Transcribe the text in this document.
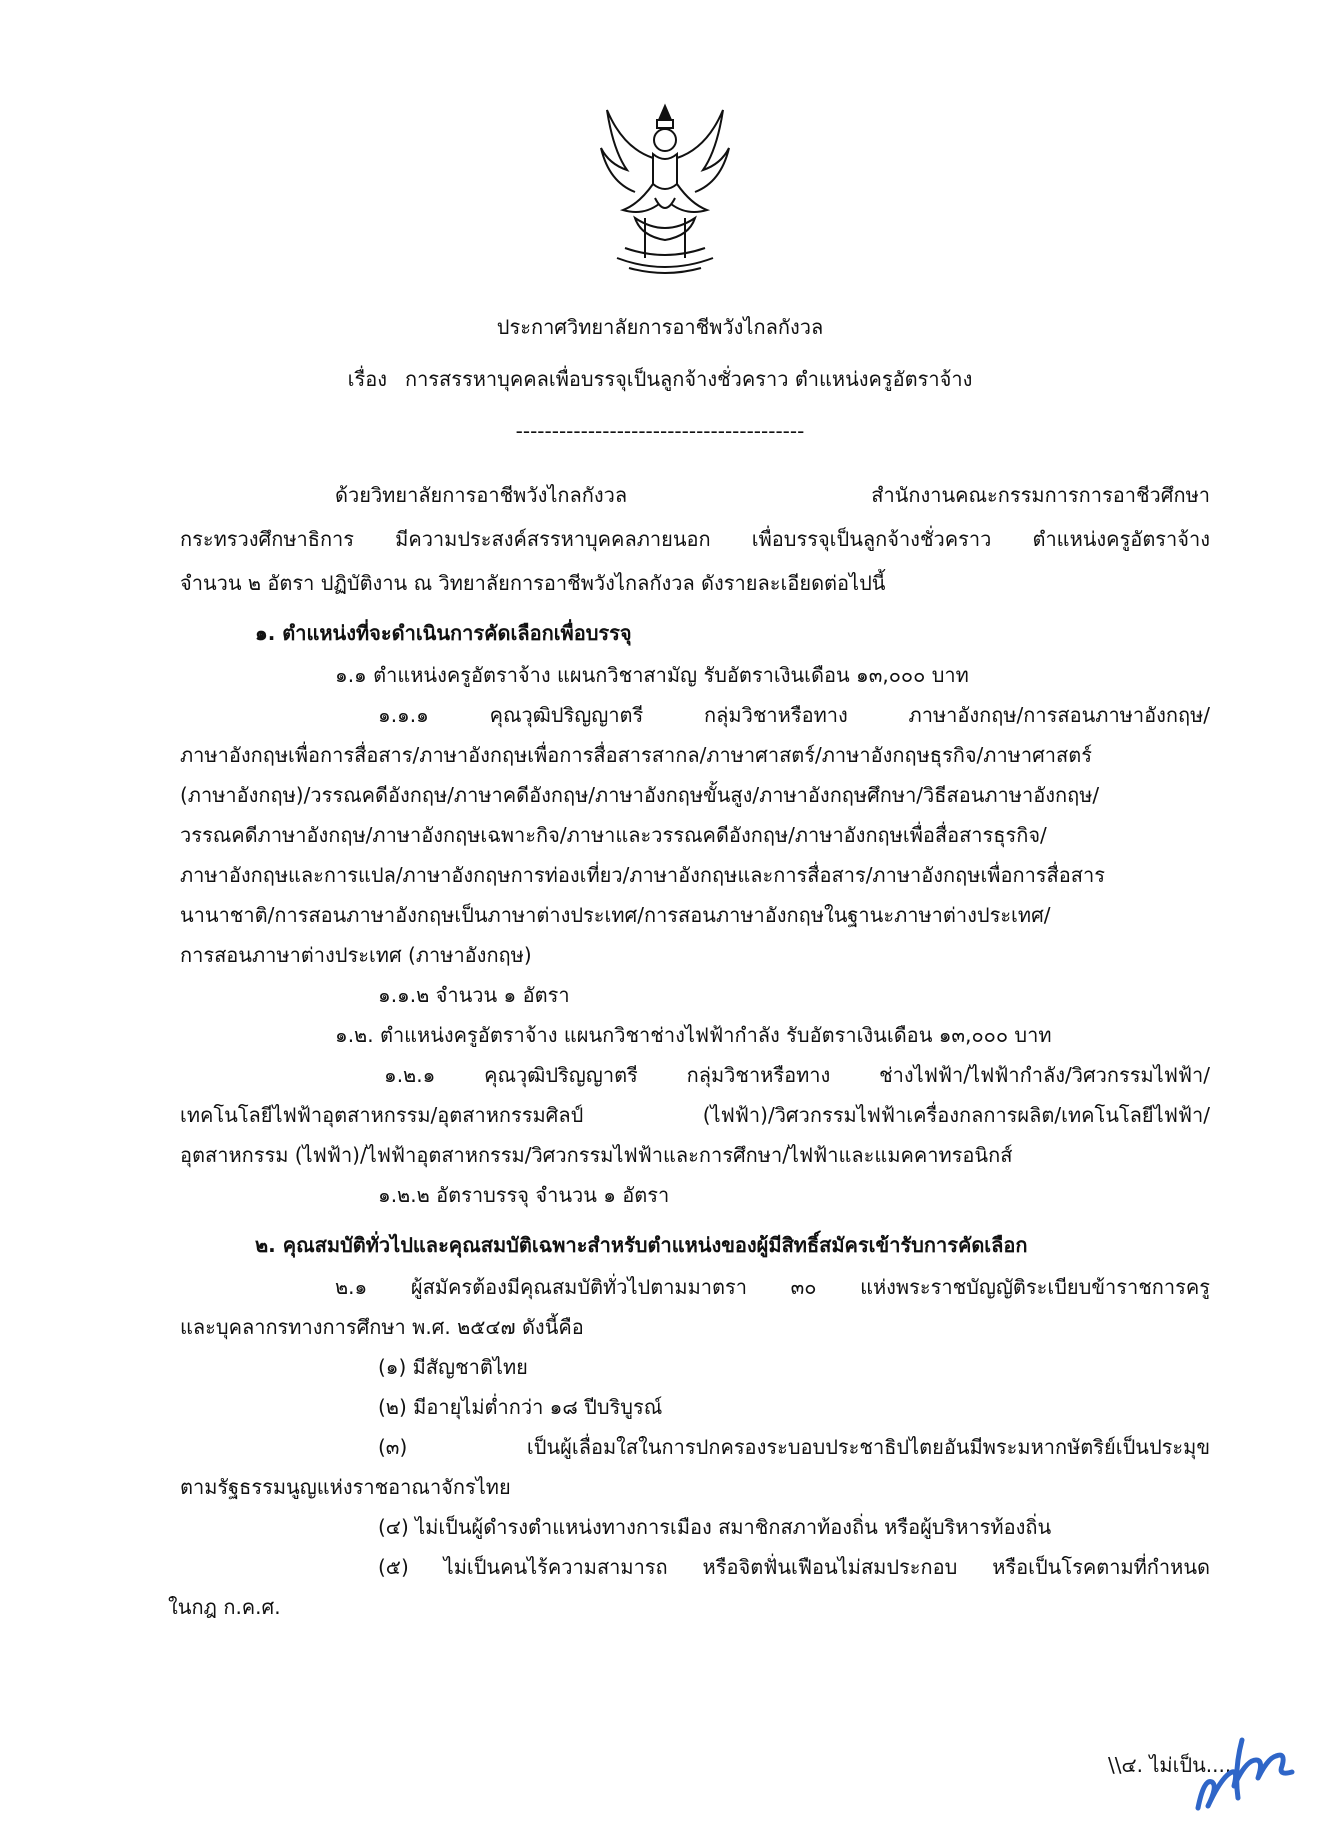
ประกาศวิทยาลัยการอาชีพวังไกลกังวล
เรื่อง การสรรหาบุคคลเพื่อบรรจุเป็นลูกจ้างชั่วคราว ตำแหน่งครูอัตราจ้าง
----------------------------------------
ด้วยวิทยาลัยการอาชีพวังไกลกังวล สำนักงานคณะกรรมการการอาชีวศึกษา
กระทรวงศึกษาธิการ มีความประสงค์สรรหาบุคคลภายนอก เพื่อบรรจุเป็นลูกจ้างชั่วคราว ตำแหน่งครูอัตราจ้าง
จำนวน ๒ อัตรา ปฏิบัติงาน ณ วิทยาลัยการอาชีพวังไกลกังวล ดังรายละเอียดต่อไปนี้
๑. ตำแหน่งที่จะดำเนินการคัดเลือกเพื่อบรรจุ
๑.๑ ตำแหน่งครูอัตราจ้าง แผนกวิชาสามัญ รับอัตราเงินเดือน ๑๓,๐๐๐ บาท
๑.๑.๑ คุณวุฒิปริญญาตรี กลุ่มวิชาหรือทาง ภาษาอังกฤษ/การสอนภาษาอังกฤษ/
ภาษาอังกฤษเพื่อการสื่อสาร/ภาษาอังกฤษเพื่อการสื่อสารสากล/ภาษาศาสตร์/ภาษาอังกฤษธุรกิจ/ภาษาศาสตร์
(ภาษาอังกฤษ)/วรรณคดีอังกฤษ/ภาษาคดีอังกฤษ/ภาษาอังกฤษขั้นสูง/ภาษาอังกฤษศึกษา/วิธีสอนภาษาอังกฤษ/
วรรณคดีภาษาอังกฤษ/ภาษาอังกฤษเฉพาะกิจ/ภาษาและวรรณคดีอังกฤษ/ภาษาอังกฤษเพื่อสื่อสารธุรกิจ/
ภาษาอังกฤษและการแปล/ภาษาอังกฤษการท่องเที่ยว/ภาษาอังกฤษและการสื่อสาร/ภาษาอังกฤษเพื่อการสื่อสาร
นานาชาติ/การสอนภาษาอังกฤษเป็นภาษาต่างประเทศ/การสอนภาษาอังกฤษในฐานะภาษาต่างประเทศ/
การสอนภาษาต่างประเทศ (ภาษาอังกฤษ)
๑.๑.๒ จำนวน ๑ อัตรา
๑.๒. ตำแหน่งครูอัตราจ้าง แผนกวิชาช่างไฟฟ้ากำลัง รับอัตราเงินเดือน ๑๓,๐๐๐ บาท
๑.๒.๑ คุณวุฒิปริญญาตรี กลุ่มวิชาหรือทาง ช่างไฟฟ้า/ไฟฟ้ากำลัง/วิศวกรรมไฟฟ้า/
เทคโนโลยีไฟฟ้าอุตสาหกรรม/อุตสาหกรรมศิลป์ (ไฟฟ้า)/วิศวกรรมไฟฟ้าเครื่องกลการผลิต/เทคโนโลยีไฟฟ้า/
อุตสาหกรรม (ไฟฟ้า)/ไฟฟ้าอุตสาหกรรม/วิศวกรรมไฟฟ้าและการศึกษา/ไฟฟ้าและแมคคาทรอนิกส์
๑.๒.๒ อัตราบรรจุ จำนวน ๑ อัตรา
๒. คุณสมบัติทั่วไปและคุณสมบัติเฉพาะสำหรับตำแหน่งของผู้มีสิทธิ์สมัครเข้ารับการคัดเลือก
๒.๑ ผู้สมัครต้องมีคุณสมบัติทั่วไปตามมาตรา ๓๐ แห่งพระราชบัญญัติระเบียบข้าราชการครู
และบุคลากรทางการศึกษา พ.ศ. ๒๕๔๗ ดังนี้คือ
(๑) มีสัญชาติไทย
(๒) มีอายุไม่ต่ำกว่า ๑๘ ปีบริบูรณ์
(๓) เป็นผู้เลื่อมใสในการปกครองระบอบประชาธิปไตยอันมีพระมหากษัตริย์เป็นประมุข
ตามรัฐธรรมนูญแห่งราชอาณาจักรไทย
(๔) ไม่เป็นผู้ดำรงตำแหน่งทางการเมือง สมาชิกสภาท้องถิ่น หรือผู้บริหารท้องถิ่น
(๕) ไม่เป็นคนไร้ความสามารถ หรือจิตฟั่นเฟือนไม่สมประกอบ หรือเป็นโรคตามที่กำหนด
ในกฎ ก.ค.ศ.
\\๔. ไม่เป็น....
